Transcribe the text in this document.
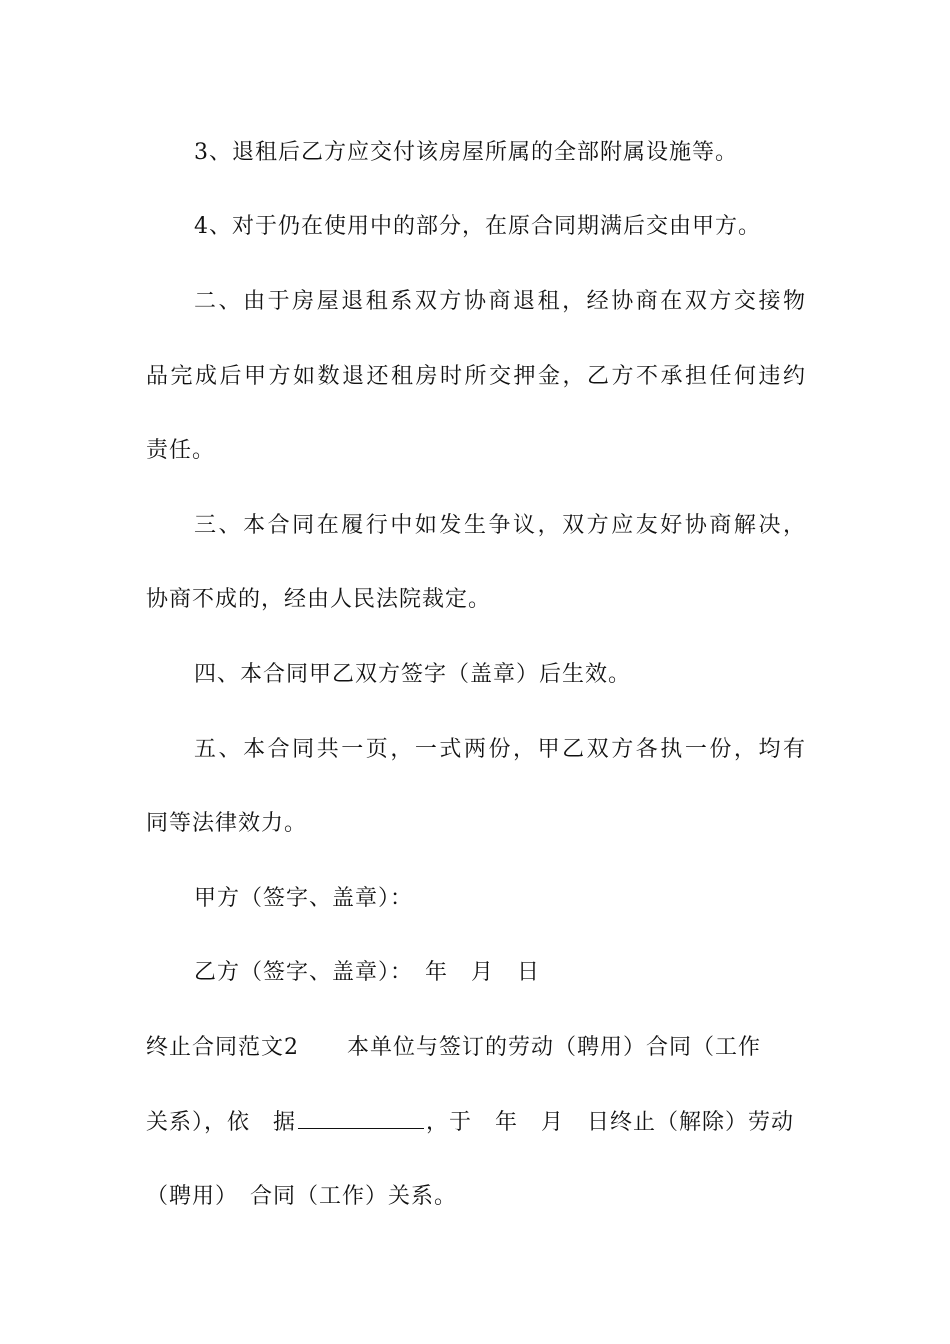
3、退租后乙方应交付该房屋所属的全部附属设施等。
4、对于仍在使用中的部分，在原合同期满后交由甲方。
二、由于房屋退租系双方协商退租，经协商在双方交接物
品完成后甲方如数退还租房时所交押金，乙方不承担任何违约
责任。
三、本合同在履行中如发生争议，双方应友好协商解决，
协商不成的，经由人民法院裁定。
四、本合同甲乙双方签字（盖章）后生效。
五、本合同共一页，一式两份，甲乙双方各执一份，均有
同等法律效力。
甲方（签字、盖章）：
乙方（签字、盖章）：　年　月　日
终止合同范文2 本单位与签订的劳动（聘用）合同（工作
关系），依　据	，于　年　月　日终止（解除）劳动
（聘用）　合同（工作）关系。
